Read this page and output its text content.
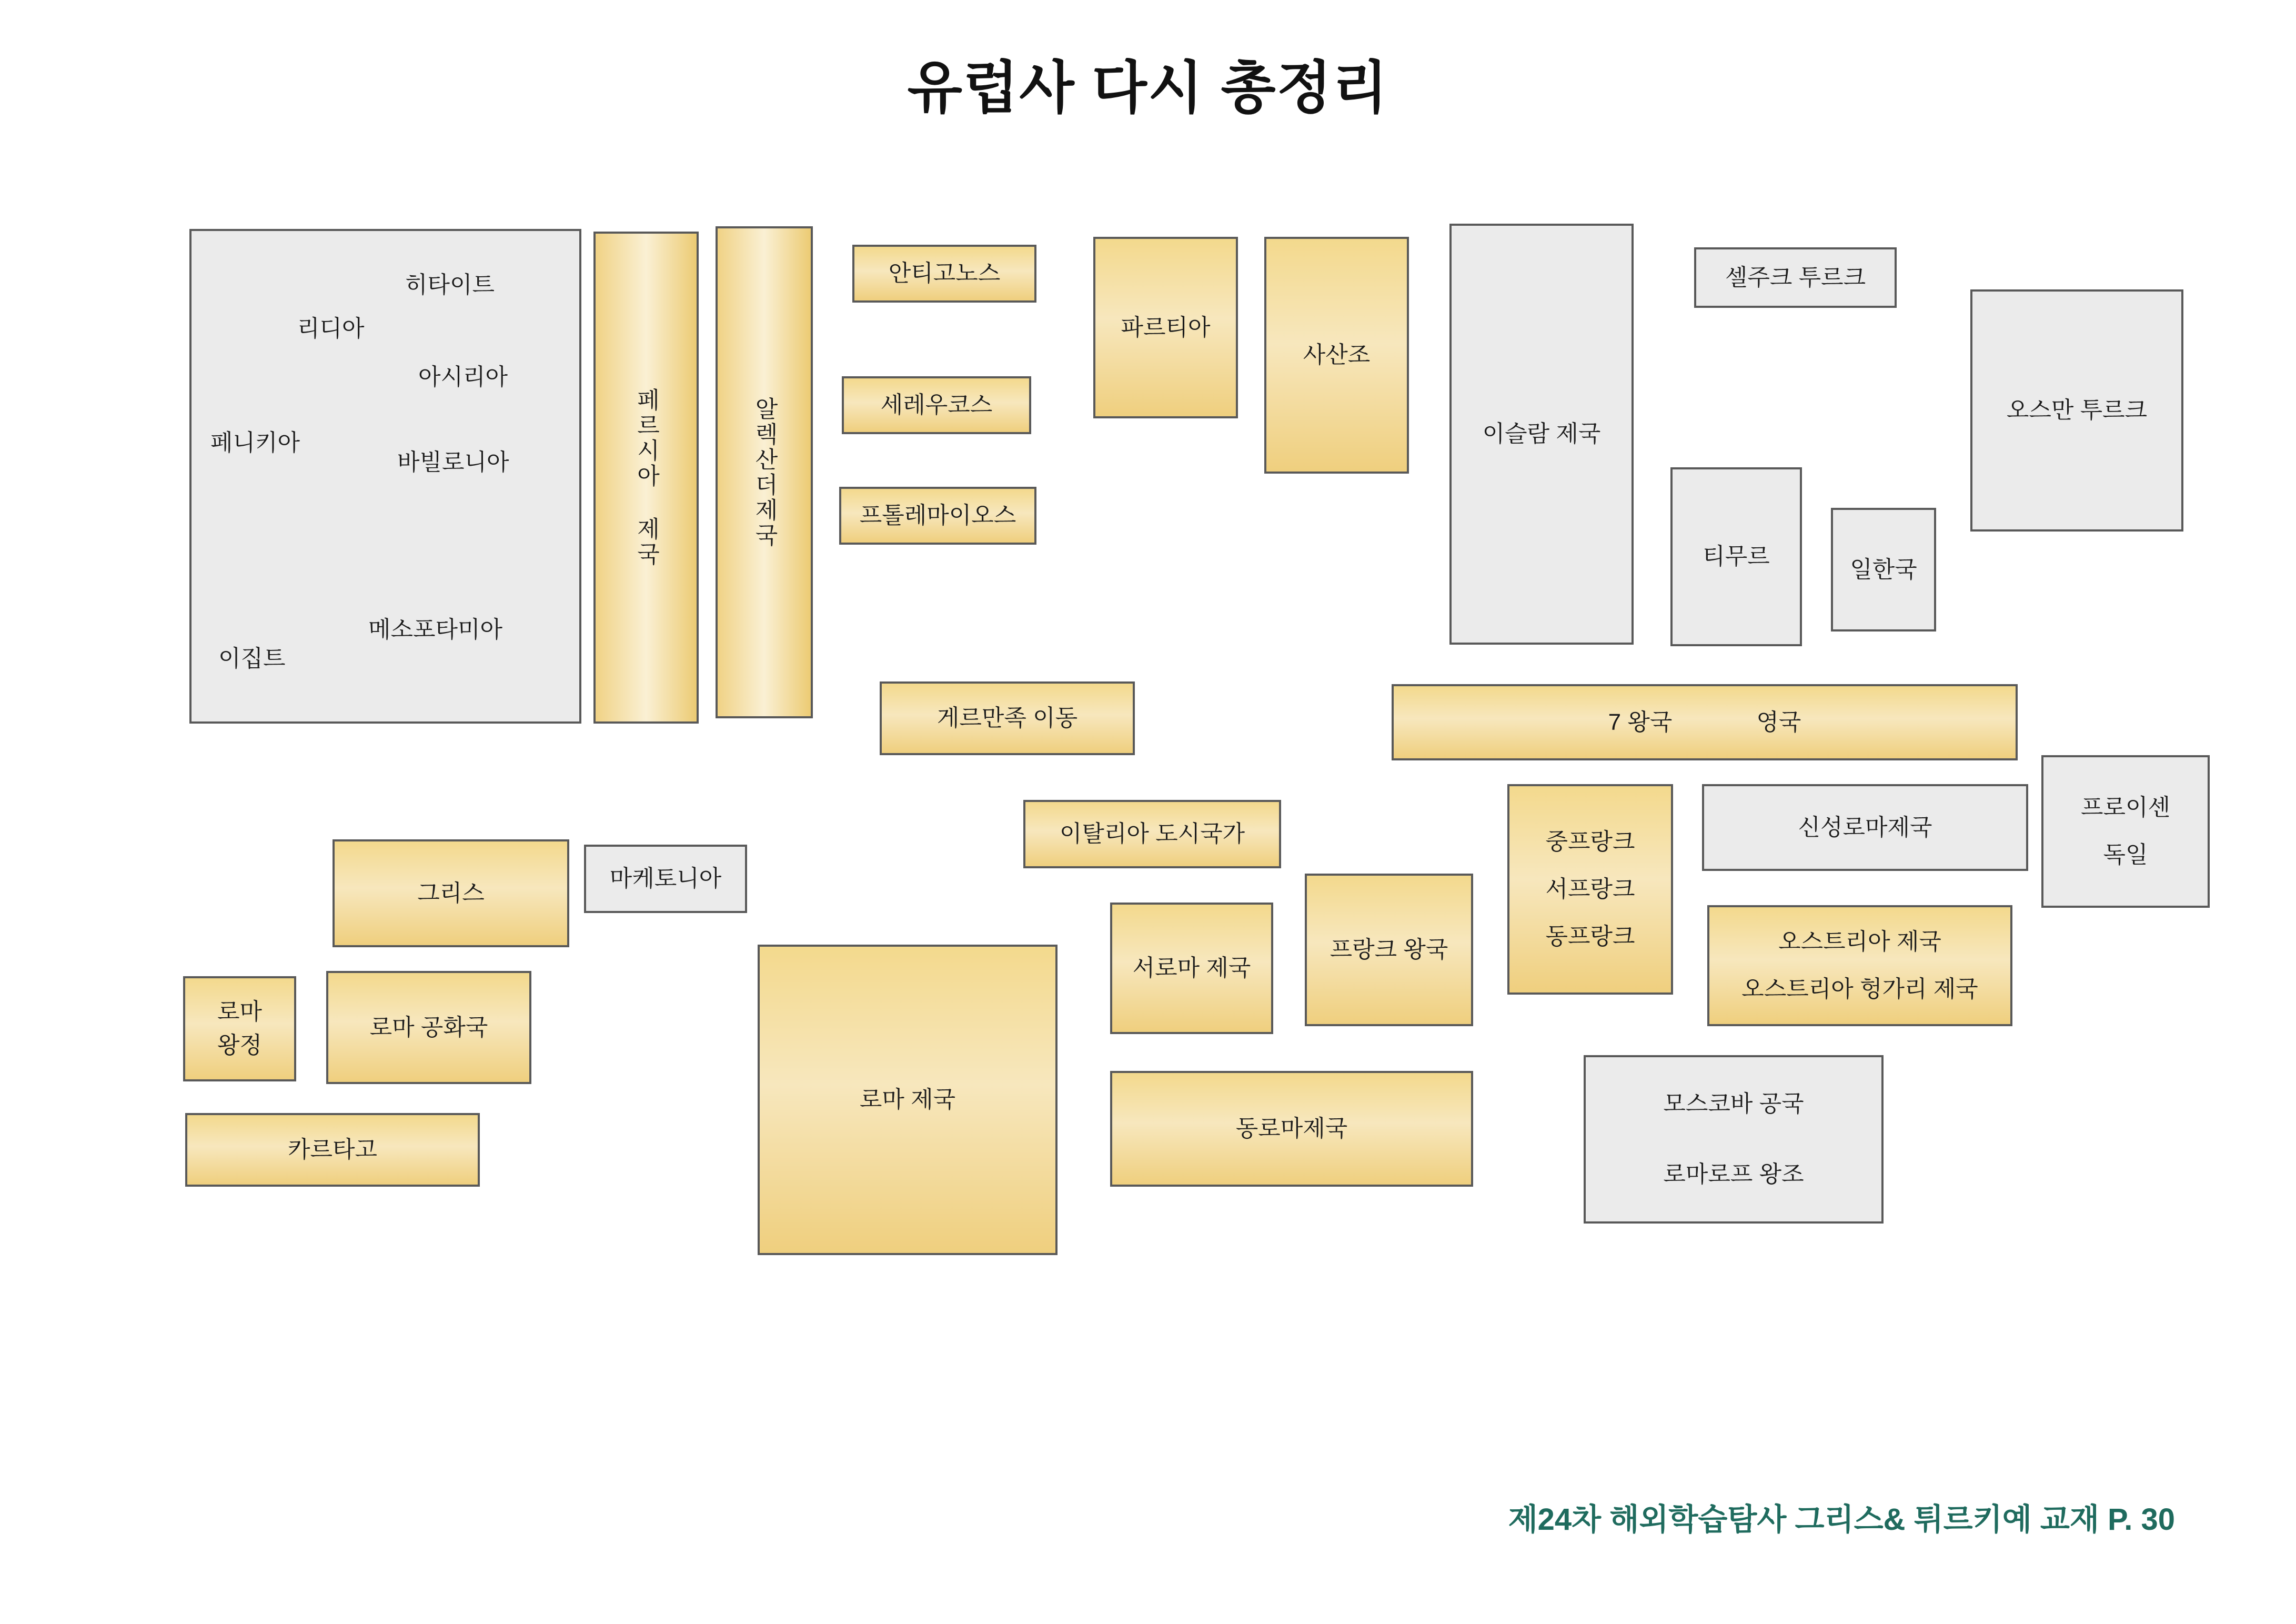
유럽사 다시 총정리
히타이트
리디아
아시리아
페니키아
바빌로니아
메소포타미아
이집트
페르시아 제국	알렉산더제국
안티고노스
세레우코스
프톨레마이오스
파르티아
사산조
이슬람 제국
셀주크 투르크
오스만 투르크
티무르	일한국
게르만족 이동	7 왕국	영국
이탈리아 도시국가	신성로마제국
프로이센
독일
그리스
마케토니아
중프랑크
서프랑크
동프랑크
프랑크 왕국
서로마 제국
오스트리아 제국
오스트리아 헝가리 제국
로마
왕정
로마 공화국
카르타고
로마 제국
동로마제국
모스코바 공국
로마로프 왕조
제24차 해외학습탐사 그리스& 튀르키예 교재 P. 30
